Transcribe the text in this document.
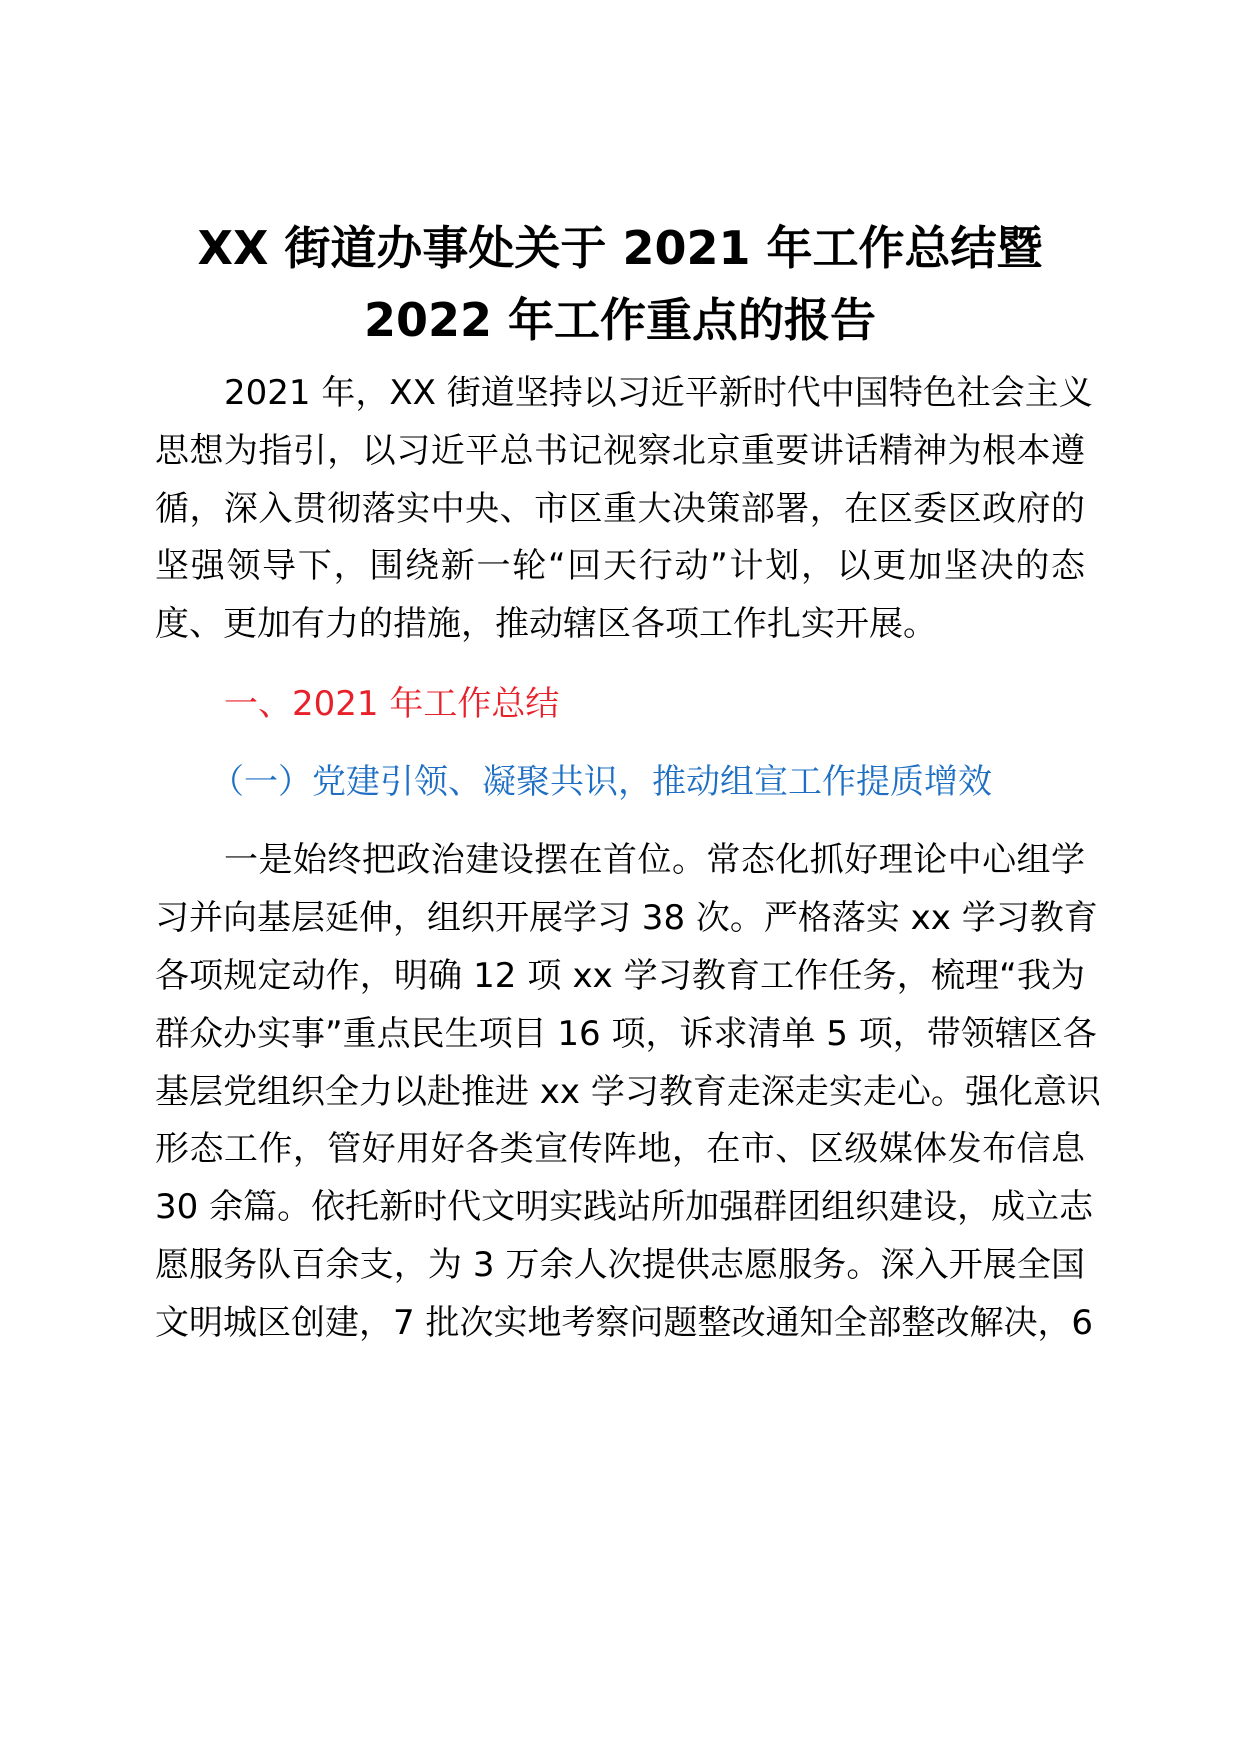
XX 街道办事处关于 2021 年工作总结暨
2022 年工作重点的报告
2021 年，XX 街道坚持以习近平新时代中国特色社会主义
思想为指引，以习近平总书记视察北京重要讲话精神为根本遵
循，深入贯彻落实中央、市区重大决策部署，在区委区政府的
坚强领导下，围绕新一轮“回天行动”计划，以更加坚决的态
度、更加有力的措施，推动辖区各项工作扎实开展。
一、2021 年工作总结
（一）党建引领、凝聚共识，推动组宣工作提质增效
一是始终把政治建设摆在首位。常态化抓好理论中心组学
习并向基层延伸，组织开展学习 38 次。严格落实 xx 学习教育
各项规定动作，明确 12 项 xx 学习教育工作任务，梳理“我为
群众办实事”重点民生项目 16 项，诉求清单 5 项，带领辖区各
基层党组织全力以赴推进 xx 学习教育走深走实走心。强化意识
形态工作，管好用好各类宣传阵地，在市、区级媒体发布信息
30 余篇。依托新时代文明实践站所加强群团组织建设，成立志
愿服务队百余支，为 3 万余人次提供志愿服务。深入开展全国
文明城区创建，7 批次实地考察问题整改通知全部整改解决，6
